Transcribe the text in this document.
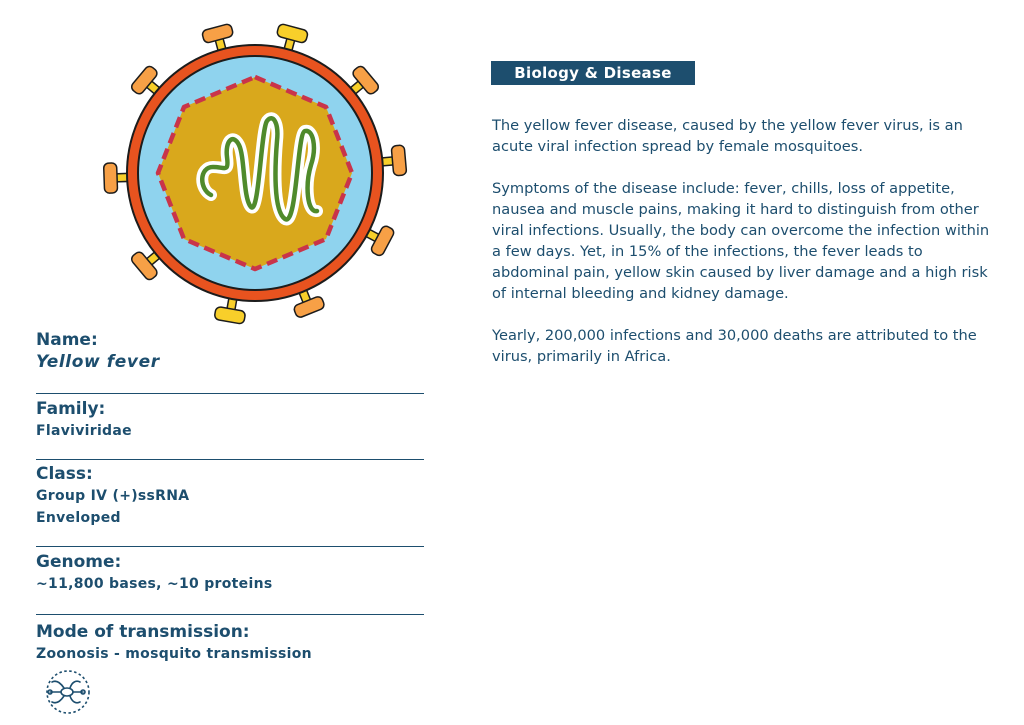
Name:
Yellow fever
Family:
Flaviviridae
Class:
Group IV (+)ssRNA
Enveloped
Genome:
~11,800 bases, ~10 proteins
Mode of transmission:
Zoonosis - mosquito transmission
Biology & Disease

The yellow fever disease, caused by the yellow fever virus, is an acute viral infection spread by female mosquitoes.

Symptoms of the disease include: fever, chills, loss of appetite, nausea and muscle pains, making it hard to distinguish from other viral infections. Usually, the body can overcome the infection within a few days. Yet, in 15% of the infections, the fever leads to abdominal pain, yellow skin caused by liver damage and a high risk of internal bleeding and kidney damage.

Yearly, 200,000 infections and 30,000 deaths are attributed to the virus, primarily in Africa.
